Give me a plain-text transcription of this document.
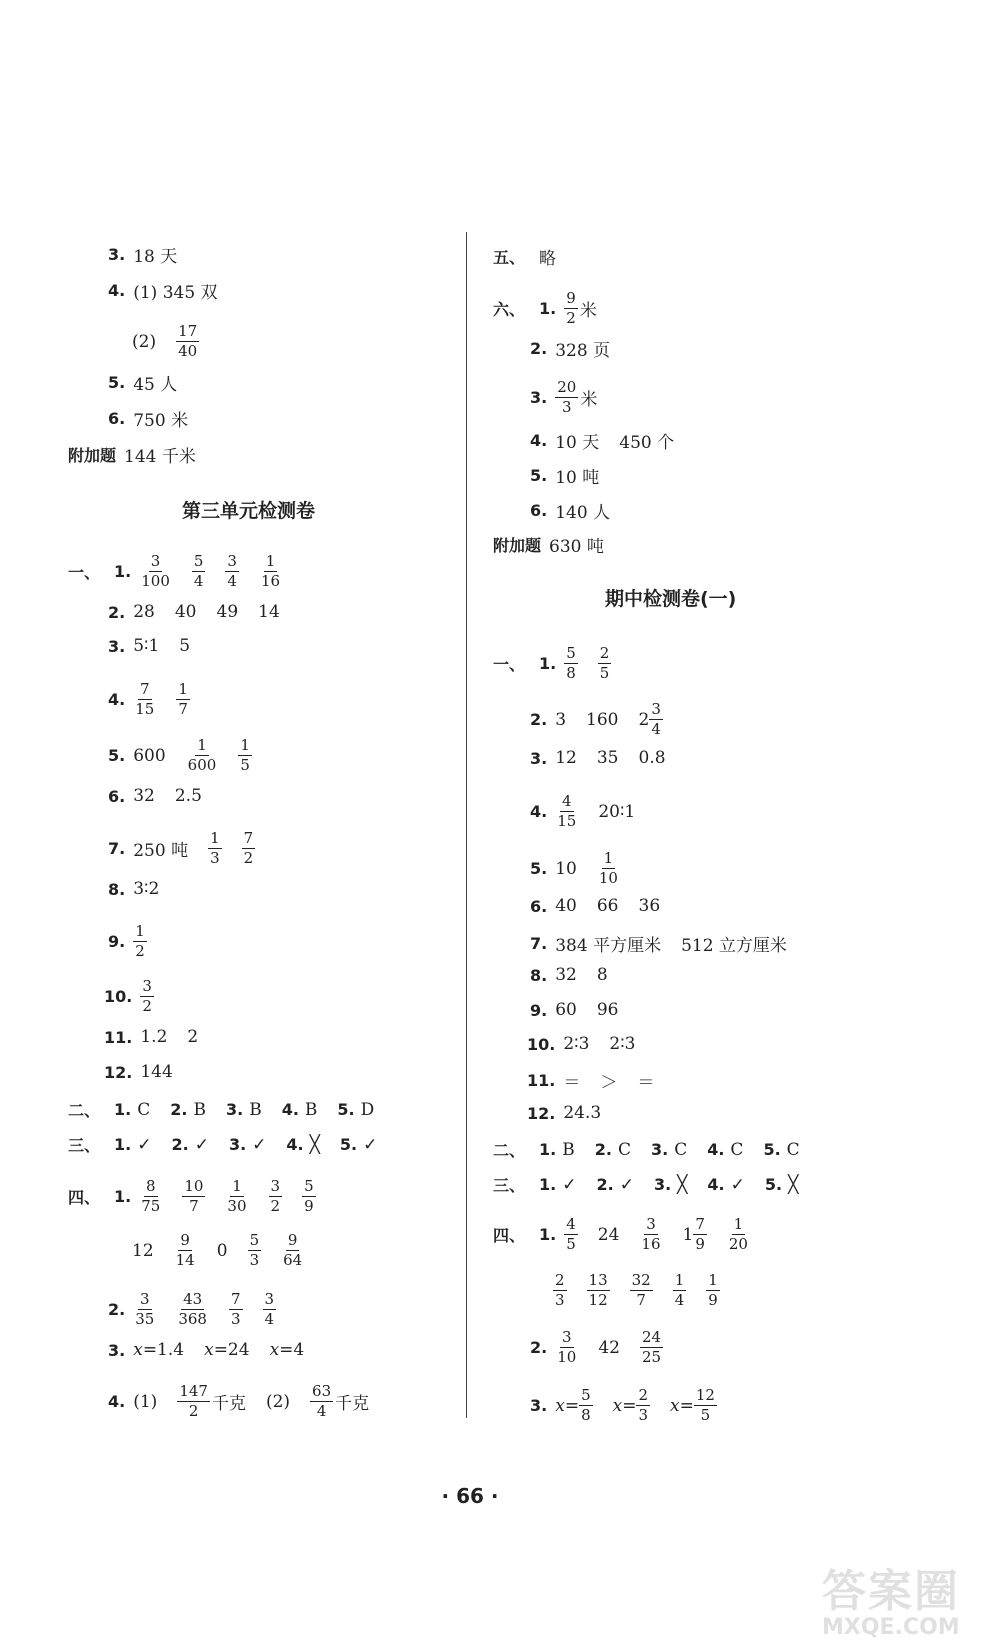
3. 18 天
4. (1) 345 双
$(2) \frac{17}{40}$
5. 45 人
6. 750 米
附加题 144 千米
一、 1. $\frac{3}{100} \frac{5}{4} \frac{3}{4} \frac{1}{16}$
2. 28 40 49 14
3. 5∶1 5
4. $\frac{7}{15} \frac{1}{7}$
5. $600 \frac{1}{600} \frac{1}{5}$
6. 32 2.5
7. 250 吨 $\frac{1}{3} \frac{7}{2}$
8. 3∶2
9. $\frac{1}{2}$
10. $\frac{3}{2}$
11. 1.2 2
12. 144
二、 1. C 2. B 3. B 4. B 5. D
三、 1. ✓ 2. ✓ 3. ✓ 4. ╳ 5. ✓
四、 1. $\frac{8}{75} \frac{10}{7} \frac{1}{30} \frac{3}{2} \frac{5}{9}$
$12 \frac{9}{14} 0 \frac{5}{3} \frac{9}{64}$
2. $\frac{3}{35} \frac{43}{368} \frac{7}{3} \frac{3}{4}$
3. x =1.4 x =24 x =4
4. $(1) \frac{147}{2}$ 千克 $(2) \frac{63}{4}$ 千克
第三单元检测卷
五、 略
六、 1. $\frac{9}{2}$ 米
2. 328 页
3. $\frac{20}{3}$ 米
4. 10 天 450 个
5. 10 吨
6. 140 人
附加题 630 吨
一、 1. $\frac{5}{8} \frac{2}{5}$
2. 3 160 $2 \frac{3}{4}$
3. 12 35 0.8
4. $\frac{4}{15}$ 20∶1
5. $10 \frac{1}{10}$
6. 40 66 36
7. 384 平方厘米 512 立方厘米
8. 32 8
9. 60 96
10. 2∶3 2∶3
11. ＝ ＞ ＝
12. 24.3
二、 1. B 2. C 3. C 4. C 5. C
三、 1. ✓ 2. ✓ 3. ╳ 4. ✓ 5. ╳
四、 1. $\frac{4}{5} 24 \frac{3}{16} 1 \frac{7}{9} \frac{1}{20}$
$\frac{2}{3} \frac{13}{12} \frac{32}{7} \frac{1}{4} \frac{1}{9}$
2. $\frac{3}{10} 42 \frac{24}{25}$
3. $x = \frac{5}{8}$ $x = \frac{2}{3}$ $x = \frac{12}{5}$
期中检测卷(一)
· 66 ·
答案圈
MXQE.COM
